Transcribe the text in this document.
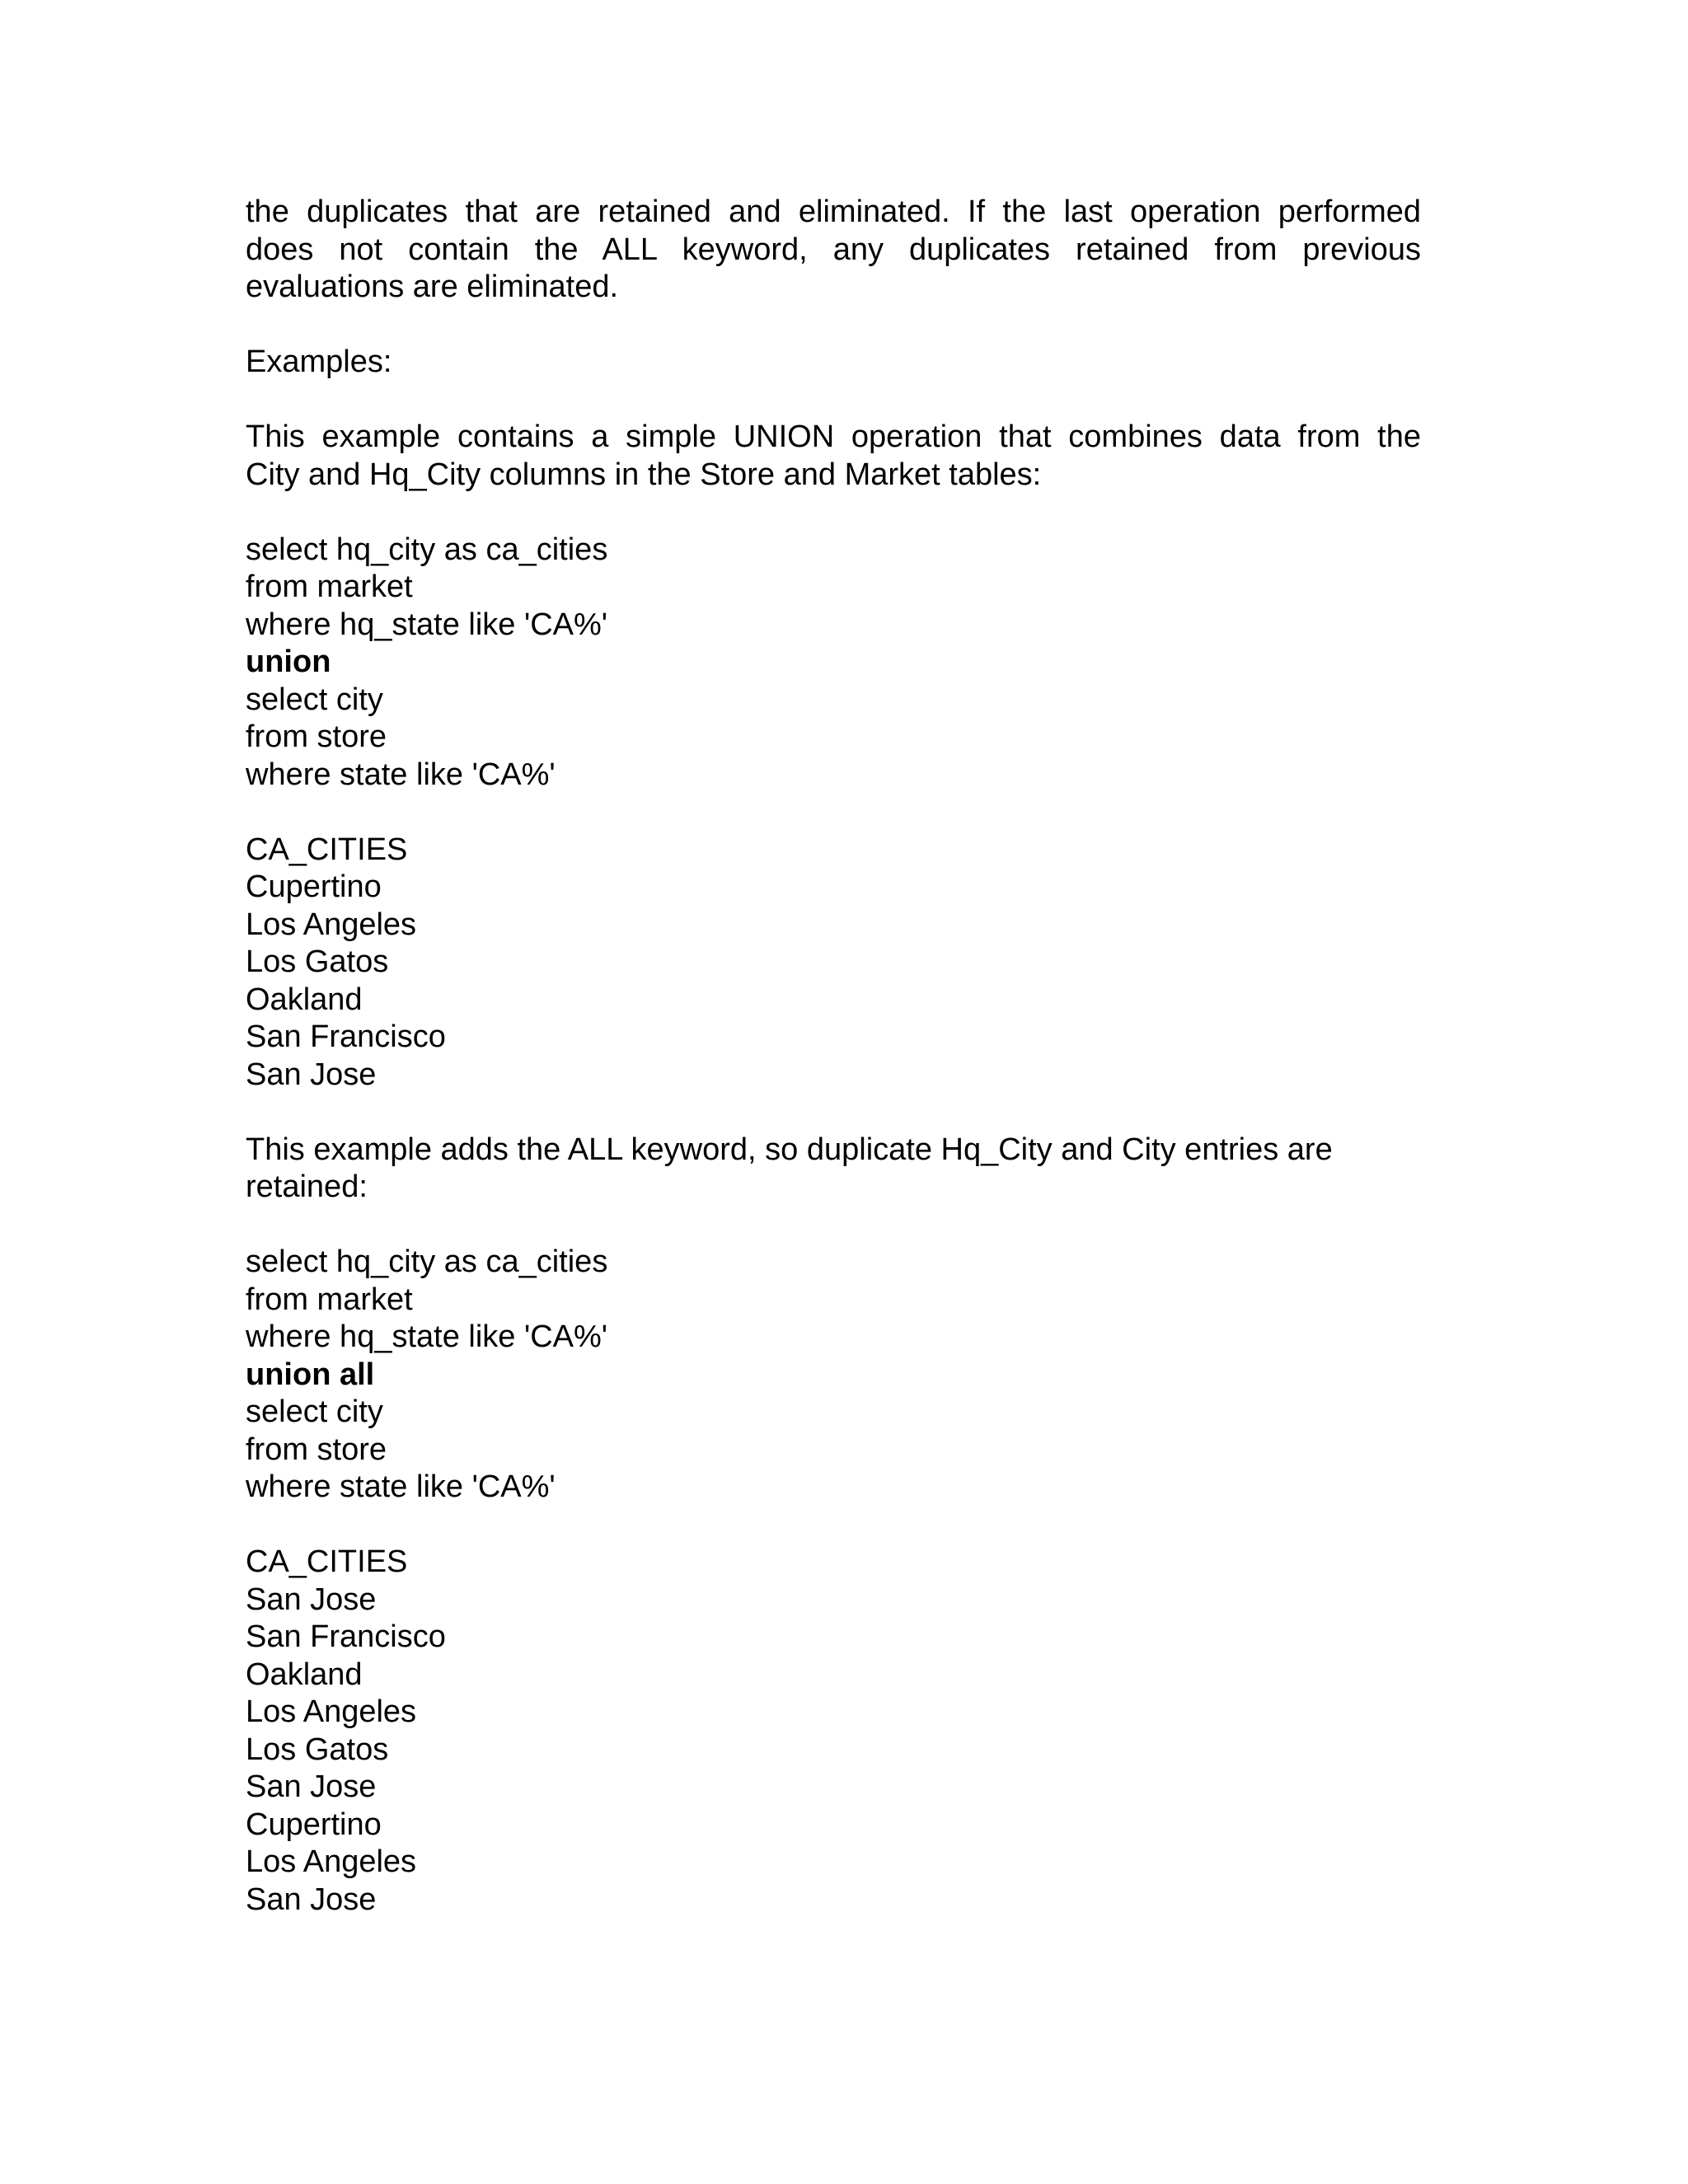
the duplicates that are retained and eliminated. If the last operation performed
does not contain the ALL keyword, any duplicates retained from previous
evaluations are eliminated.
Examples:
This example contains a simple UNION operation that combines data from the
City and Hq_City columns in the Store and Market tables:
select hq_city as ca_cities
from market
where hq_state like 'CA%'
union
select city
from store
where state like 'CA%'
CA_CITIES
Cupertino
Los Angeles
Los Gatos
Oakland
San Francisco
San Jose
This example adds the ALL keyword, so duplicate Hq_City and City entries are
retained:
select hq_city as ca_cities
from market
where hq_state like 'CA%'
union all
select city
from store
where state like 'CA%'
CA_CITIES
San Jose
San Francisco
Oakland
Los Angeles
Los Gatos
San Jose
Cupertino
Los Angeles
San Jose
